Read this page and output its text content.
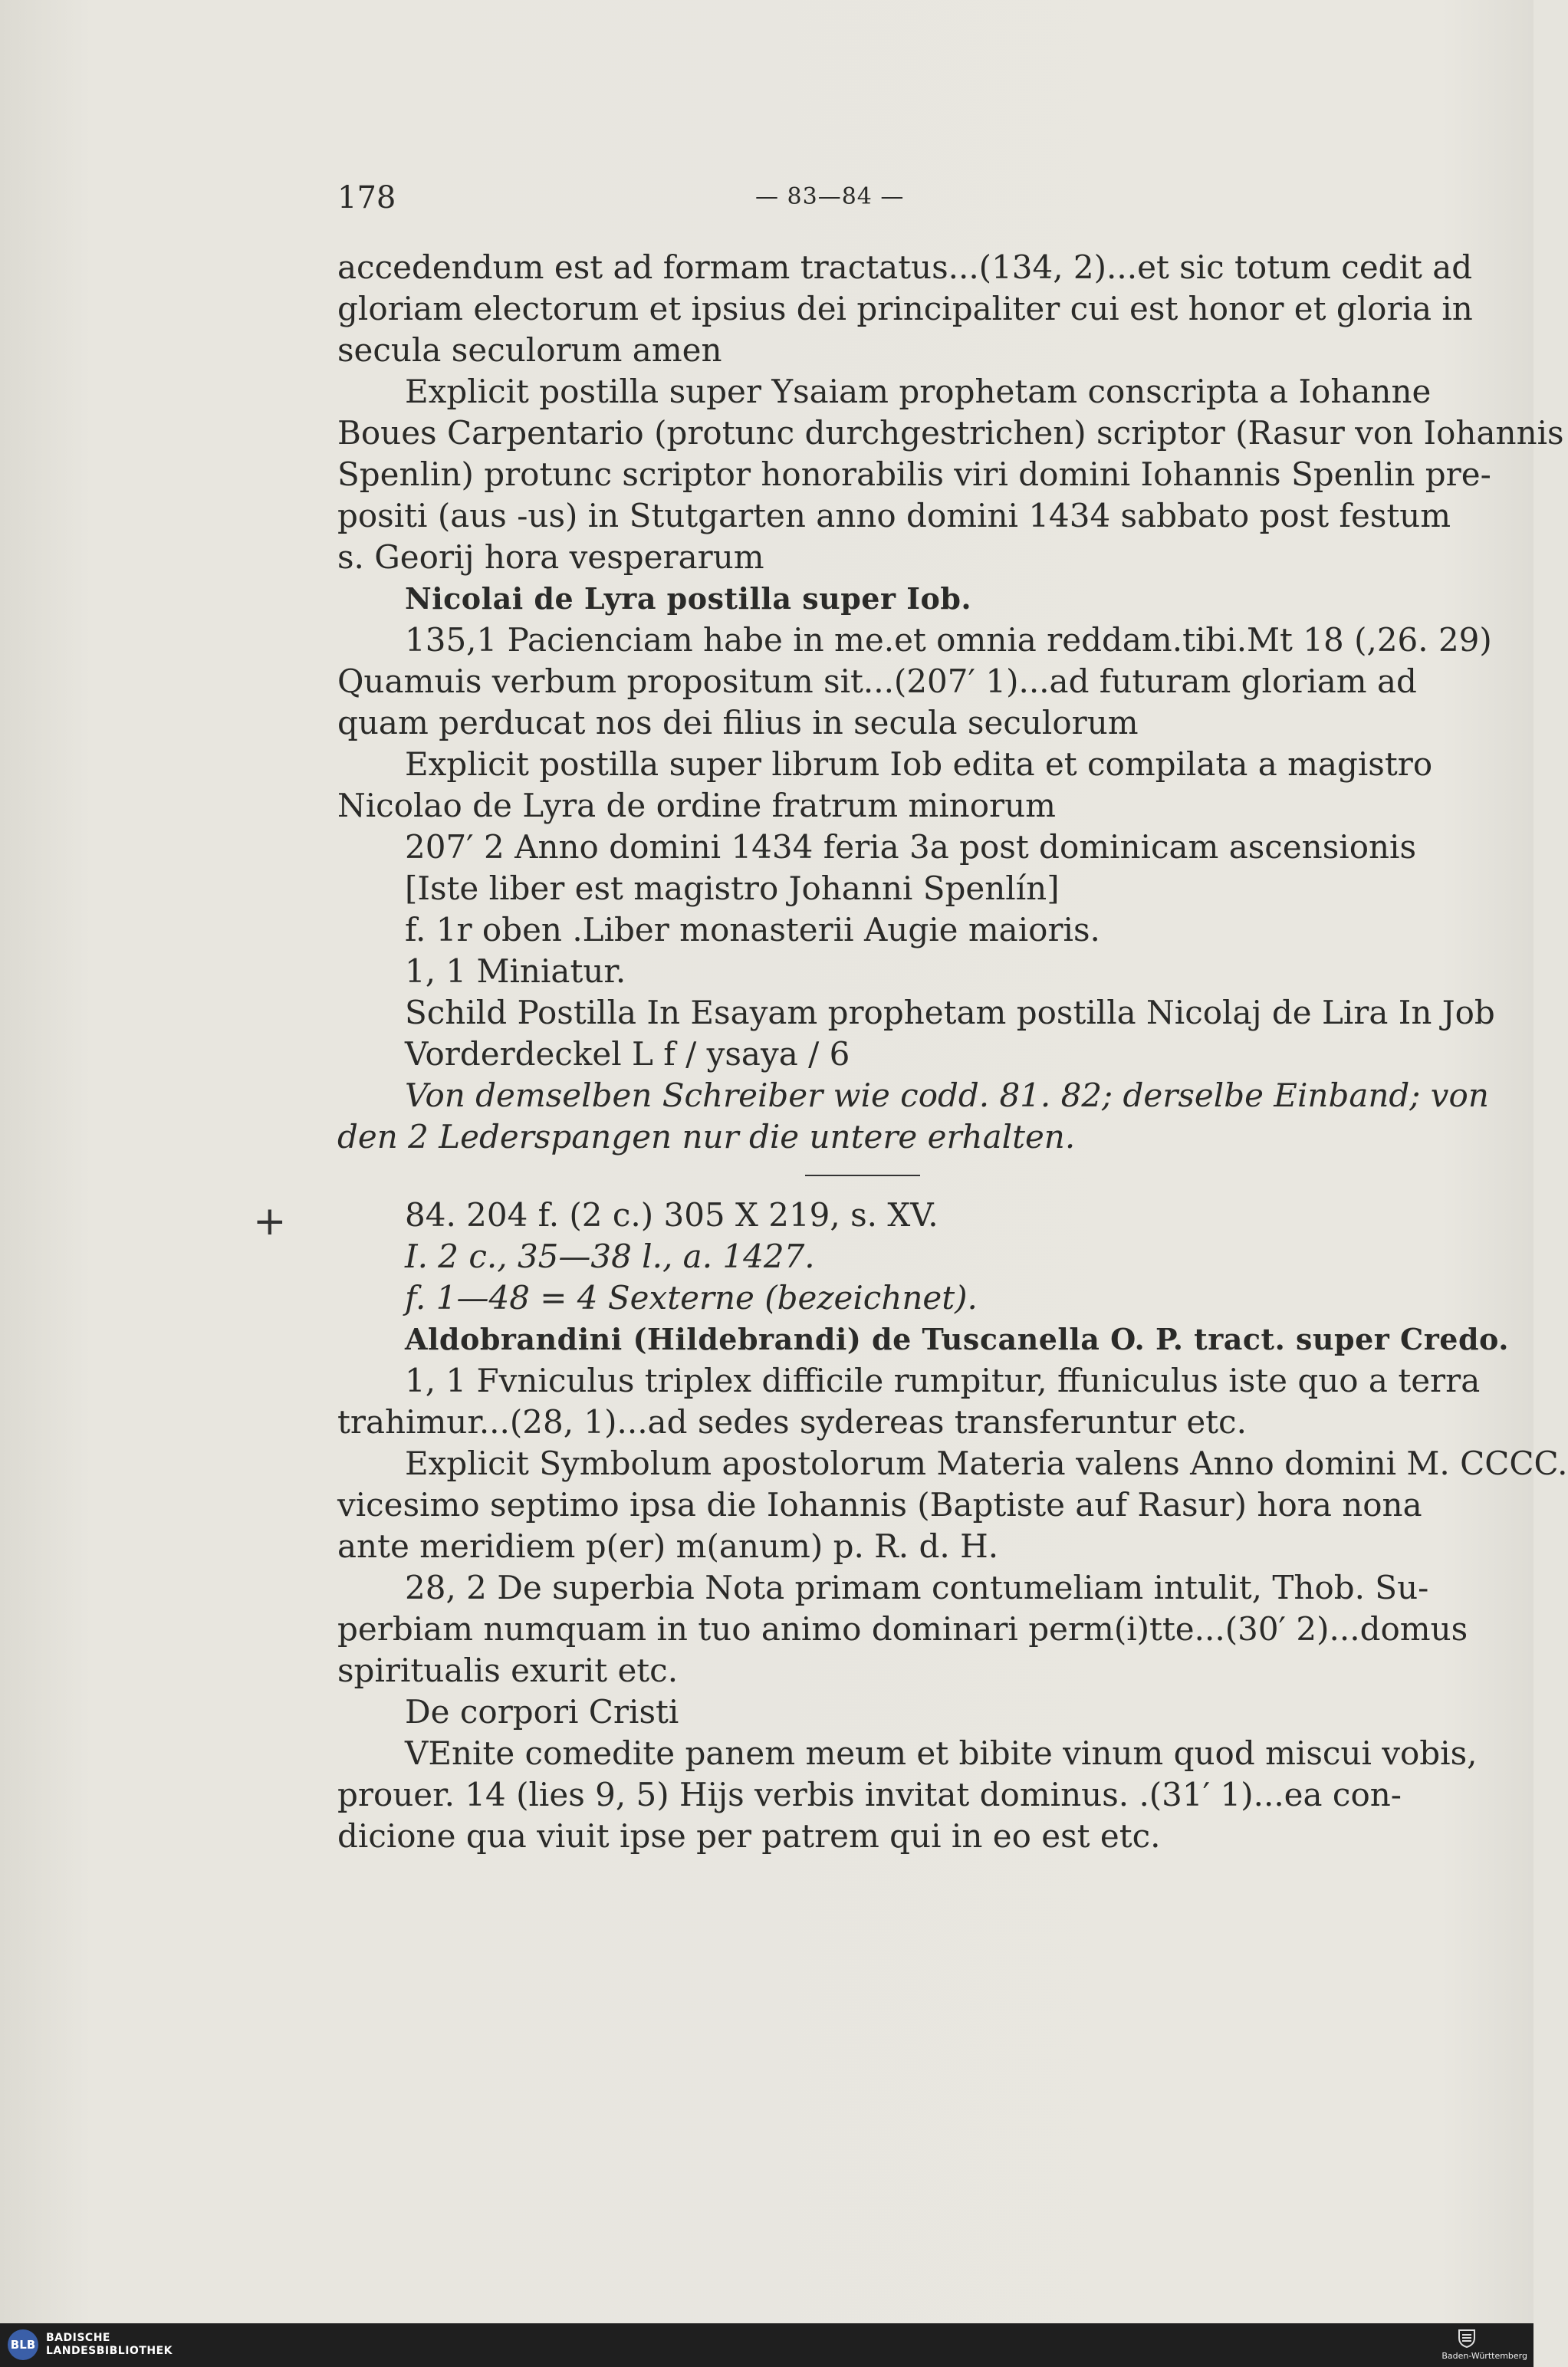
178	— 83—84 —
+
accedendum est ad formam tractatus...(134, 2)...et sic totum cedit ad
gloriam electorum et ipsius dei principaliter cui est honor et gloria in
secula seculorum amen
Explicit postilla super Ysaiam prophetam conscripta a Iohanne
Boues Carpentario (protunc durchgestrichen) scriptor (Rasur von Iohannis
Spenlin) protunc scriptor honorabilis viri domini Iohannis Spenlin pre-
positi (aus -us) in Stutgarten anno domini 1434 sabbato post festum
s. Georij hora vesperarum
Nicolai de Lyra postilla super Iob.
135,1 Pacienciam habe in me.et omnia reddam.tibi.Mt 18 (,26. 29)
Quamuis verbum propositum sit...(207′ 1)...ad futuram gloriam ad
quam perducat nos dei filius in secula seculorum
Explicit postilla super librum Iob edita et compilata a magistro
Nicolao de Lyra de ordine fratrum minorum
207′ 2 Anno domini 1434 feria 3a post dominicam ascensionis
[Iste liber est magistro Johanni Spenlín]
f. 1r oben .Liber monasterii Augie maioris.
1, 1 Miniatur.
Schild Postilla In Esayam prophetam postilla Nicolaj de Lira In Job
Vorderdeckel L f / ysaya / 6
Von demselben Schreiber wie codd. 81. 82; derselbe Einband; von
den 2 Lederspangen nur die untere erhalten.
84. 204 f. (2 c.) 305 X 219, s. XV.
I. 2 c., 35—38 l., a. 1427.
f. 1—48 = 4 Sexterne (bezeichnet).
Aldobrandini (Hildebrandi) de Tuscanella O. P. tract. super Credo.
1, 1 Fvniculus triplex difficile rumpitur, ffuniculus iste quo a terra
trahimur...(28, 1)...ad sedes sydereas transferuntur etc.
Explicit Symbolum apostolorum Materia valens Anno domini M. CCCC.
vicesimo septimo ipsa die Iohannis (Baptiste auf Rasur) hora nona
ante meridiem p(er) m(anum) p. R. d. H.
28, 2 De superbia Nota primam contumeliam intulit, Thob. Su-
perbiam numquam in tuo animo dominari perm(i)tte...(30′ 2)...domus
spiritualis exurit etc.
De corpori Cristi
VEnite comedite panem meum et bibite vinum quod miscui vobis,
prouer. 14 (lies 9, 5) Hijs verbis invitat dominus. .(31′ 1)...ea con-
dicione qua viuit ipse per patrem qui in eo est etc.
BLB BADISCHE
LANDESBIBLIOTHEK	Baden-Württemberg
